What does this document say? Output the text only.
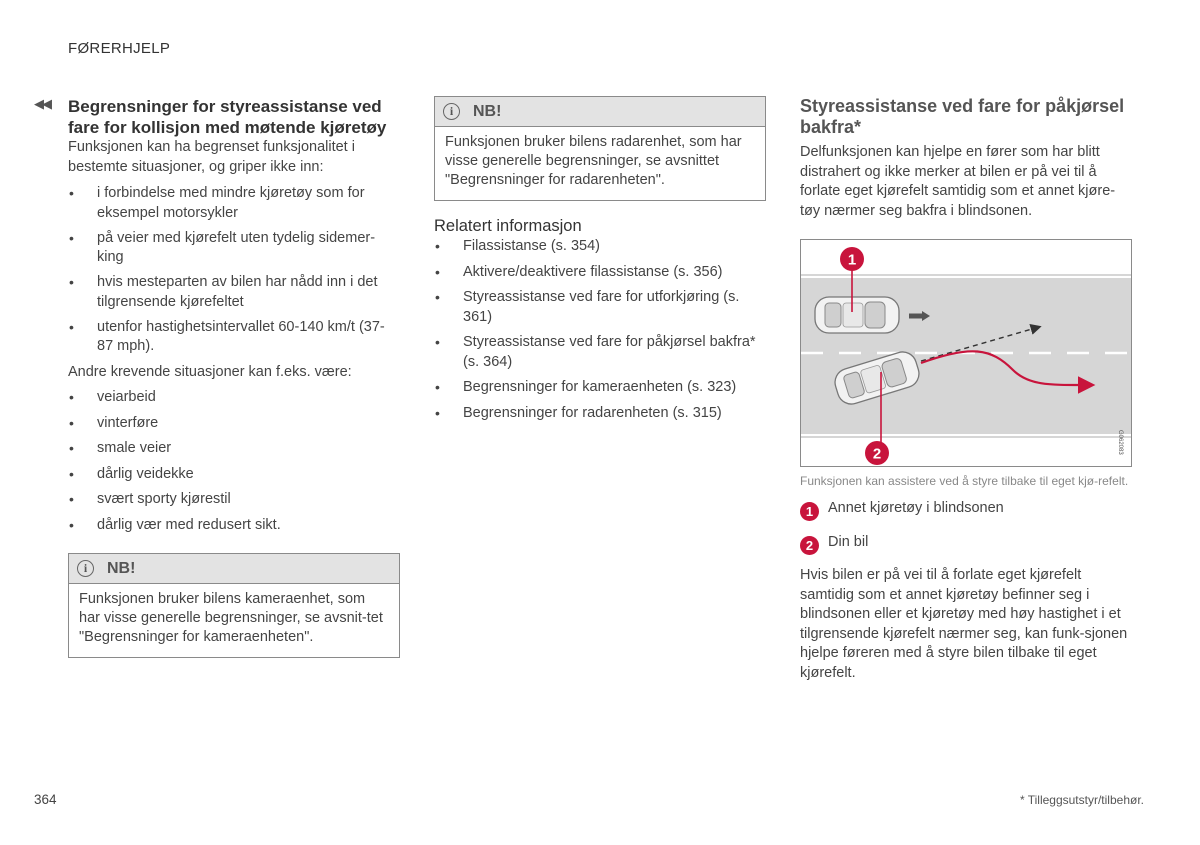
FØRERHJELP
◀◀ Begrensninger for styreassistanse ved fare for kollisjon med møtende kjøretøy

Funksjonen kan ha begrenset funksjonalitet i bestemte situasjoner, og griper ikke inn:

• i forbindelse med mindre kjøretøy som for eksempel motorsykler
• på veier med kjørefelt uten tydelig sidemer-king
• hvis mesteparten av bilen har nådd inn i det tilgrensende kjørefeltet
• utenfor hastighetsintervallet 60-140 km/t (37-87 mph).

Andre krevende situasjoner kan f.eks. være:

• veiarbeid
• vinterføre
• smale veier
• dårlig veidekke
• svært sporty kjørestil
• dårlig vær med redusert sikt.
i	NB!
Funksjonen bruker bilens kameraenhet, som har visse generelle begrensninger, se avsnit-tet "Begrensninger for kameraenheten".
i	NB!
Funksjonen bruker bilens radarenhet, som har visse generelle begrensninger, se avsnittet "Begrensninger for radarenheten".
Relatert informasjon
• Filassistanse (s. 354)
• Aktivere/deaktivere filassistanse (s. 356)
• Styreassistanse ved fare for utforkjøring (s. 361)
• Styreassistanse ved fare for påkjørsel bakfra* (s. 364)
• Begrensninger for kameraenheten (s. 323)
• Begrensninger for radarenheten (s. 315)
Styreassistanse ved fare for påkjørsel bakfra*

Delfunksjonen kan hjelpe en fører som har blitt distrahert og ikke merker at bilen er på vei til å forlate eget kjørefelt samtidig som et annet kjøre-tøy nærmer seg bakfra i blindsonen.

1
2	G062083
Funksjonen kan assistere ved å styre tilbake til eget kjø-refelt.
1	Annet kjøretøy i blindsonen
2	Din bil

Hvis bilen er på vei til å forlate eget kjørefelt samtidig som et annet kjøretøy befinner seg i blindsonen eller et kjøretøy med høy hastighet i et tilgrensende kjørefelt nærmer seg, kan funk-sjonen hjelpe føreren med å styre bilen tilbake til eget kjørefelt.

364	* Tilleggsutstyr/tilbehør.
